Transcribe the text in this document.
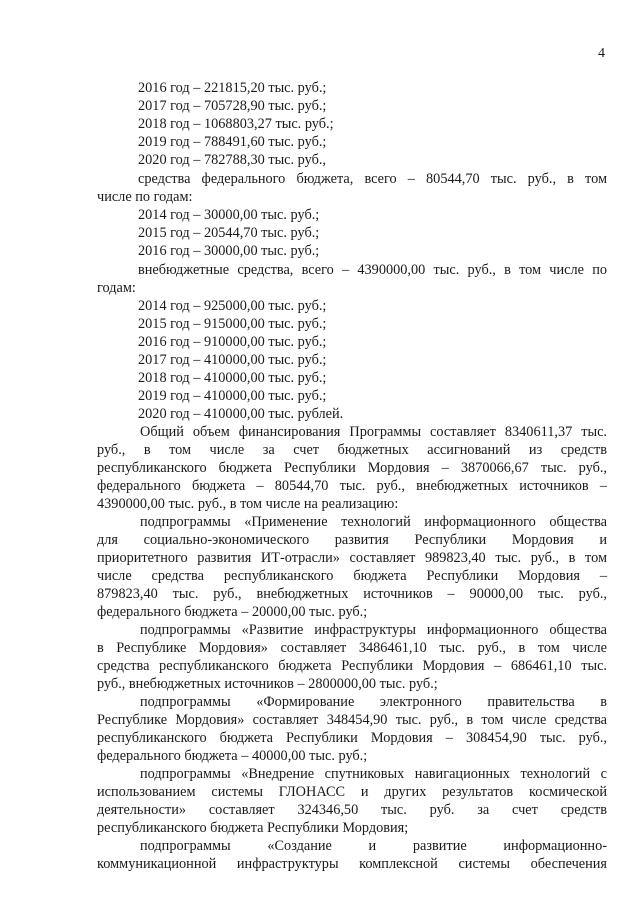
4
2016 год – 221815,20 тыс. руб.;
2017 год – 705728,90 тыс. руб.;
2018 год – 1068803,27 тыс. руб.;
2019 год – 788491,60 тыс. руб.;
2020 год – 782788,30 тыс. руб.,
средства федерального бюджета, всего – 80544,70 тыс. руб., в том
числе по годам:
2014 год – 30000,00 тыс. руб.;
2015 год – 20544,70 тыс. руб.;
2016 год – 30000,00 тыс. руб.;
внебюджетные средства, всего – 4390000,00 тыс. руб., в том числе по
годам:
2014 год – 925000,00 тыс. руб.;
2015 год – 915000,00 тыс. руб.;
2016 год – 910000,00 тыс. руб.;
2017 год – 410000,00 тыс. руб.;
2018 год – 410000,00 тыс. руб.;
2019 год – 410000,00 тыс. руб.;
2020 год – 410000,00 тыс. рублей.
Общий объем финансирования Программы составляет 8340611,37 тыс.
руб., в том числе за счет бюджетных ассигнований из средств
республиканского бюджета Республики Мордовия – 3870066,67 тыс. руб.,
федерального бюджета – 80544,70 тыс. руб., внебюджетных источников –
4390000,00 тыс. руб., в том числе на реализацию:
подпрограммы «Применение технологий информационного общества
для социально-экономического развития Республики Мордовия и
приоритетного развития ИТ-отрасли» составляет 989823,40 тыс. руб., в том
числе средства республиканского бюджета Республики Мордовия –
879823,40 тыс. руб., внебюджетных источников – 90000,00 тыс. руб.,
федерального бюджета – 20000,00 тыс. руб.;
подпрограммы «Развитие инфраструктуры информационного общества
в Республике Мордовия» составляет 3486461,10 тыс. руб., в том числе
средства республиканского бюджета Республики Мордовия – 686461,10 тыс.
руб., внебюджетных источников – 2800000,00 тыс. руб.;
подпрограммы «Формирование электронного правительства в
Республике Мордовия» составляет 348454,90 тыс. руб., в том числе средства
республиканского бюджета Республики Мордовия – 308454,90 тыс. руб.,
федерального бюджета – 40000,00 тыс. руб.;
подпрограммы «Внедрение спутниковых навигационных технологий с
использованием системы ГЛОНАСС и других результатов космической
деятельности» составляет 324346,50 тыс. руб. за счет средств
республиканского бюджета Республики Мордовия;
подпрограммы «Создание и развитие информационно-
коммуникационной инфраструктуры комплексной системы обеспечения
